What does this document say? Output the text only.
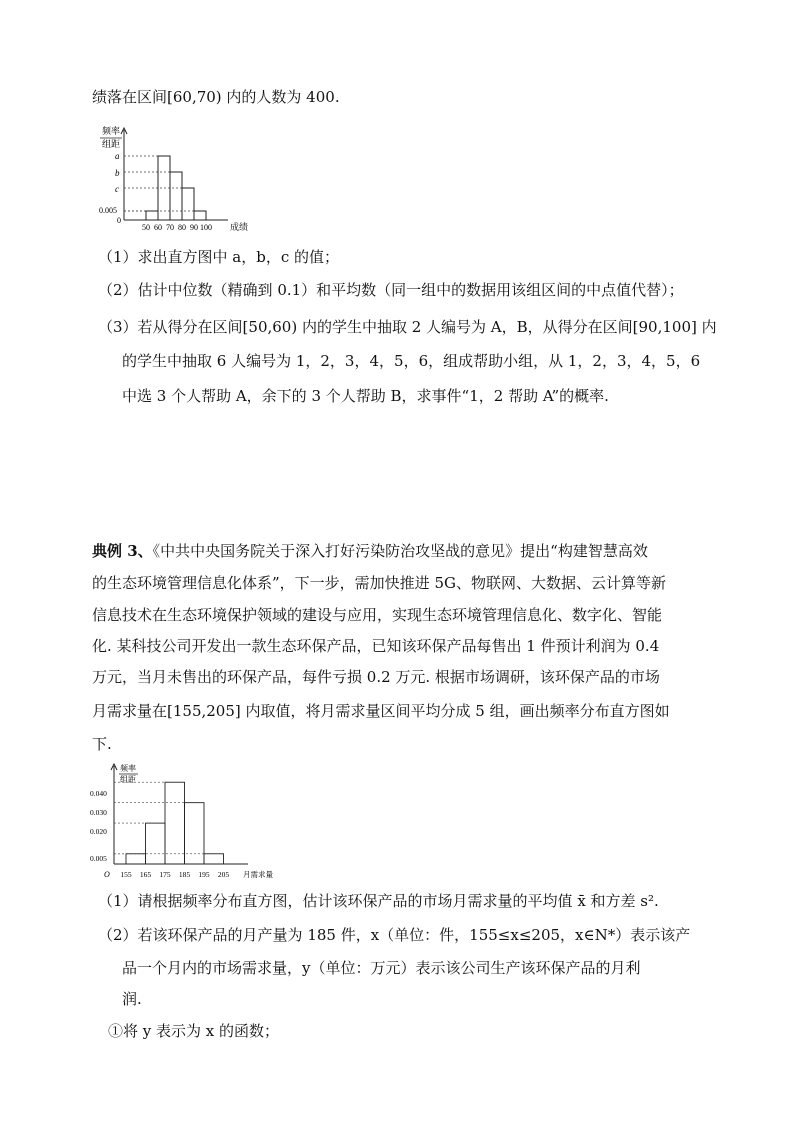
绩落在区间[60,70) 内的人数为 400.
频率
组距
a
b
c
0.005
0
50 60 70 80 90 100 成绩
（1）求出直方图中 a，b，c 的值；
（2）估计中位数（精确到 0.1）和平均数（同一组中的数据用该组区间的中点值代替）；
（3）若从得分在区间[50,60) 内的学生中抽取 2 人编号为 A，B，从得分在区间[90,100] 内
的学生中抽取 6 人编号为 1，2，3，4，5，6，组成帮助小组，从 1，2，3，4，5，6
中选 3 个人帮助 A，余下的 3 个人帮助 B，求事件“1，2 帮助 A”的概率.
典例 3、《中共中央国务院关于深入打好污染防治攻坚战的意见》提出“构建智慧高效
的生态环境管理信息化体系”，下一步，需加快推进 5G、物联网、大数据、云计算等新
信息技术在生态环境保护领域的建设与应用，实现生态环境管理信息化、数字化、智能
化. 某科技公司开发出一款生态环保产品，已知该环保产品每售出 1 件预计利润为 0.4
万元，当月未售出的环保产品，每件亏损 0.2 万元. 根据市场调研，该环保产品的市场
月需求量在[155,205] 内取值，将月需求量区间平均分成 5 组，画出频率分布直方图如
下.
频率
组距
0.040
0.030
0.020
0.005
O 155 165 175 185 195 205 月需求量
（1）请根据频率分布直方图，估计该环保产品的市场月需求量的平均值 x̄ 和方差 s².
（2）若该环保产品的月产量为 185 件，x（单位：件，155≤x≤205，x∈N*）表示该产
品一个月内的市场需求量，y（单位：万元）表示该公司生产该环保产品的月利
润.
①将 y 表示为 x 的函数；
